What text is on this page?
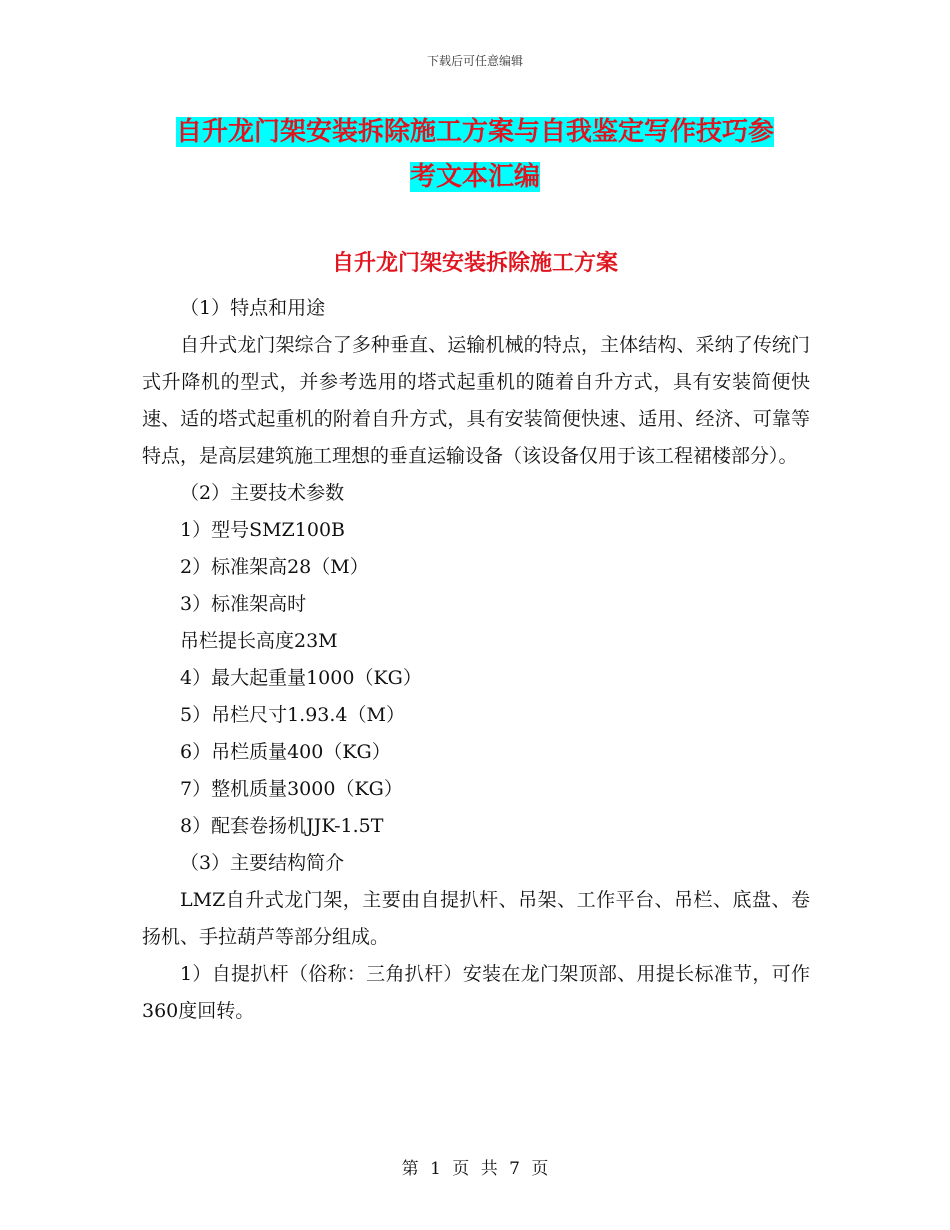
下载后可任意编辑
自升龙门架安装拆除施工方案与自我鉴定写作技巧参
考文本汇编
自升龙门架安装拆除施工方案

（1）特点和用途

自升式龙门架综合了多种垂直、运输机械的特点，主体结构、采纳了传统门式升降机的型式，并参考选用的塔式起重机的随着自升方式，具有安装简便快速、适的塔式起重机的附着自升方式，具有安装简便快速、适用、经济、可靠等特点，是高层建筑施工理想的垂直运输设备（该设备仅用于该工程裙楼部分）。

（2）主要技术参数

1）型号SMZ100B

2）标准架高28（M）

3）标准架高时

吊栏提长高度23M

4）最大起重量1000（KG）

5）吊栏尺寸1.93.4（M）

6）吊栏质量400（KG）

7）整机质量3000（KG）

8）配套卷扬机JJK-1.5T

（3）主要结构简介

LMZ自升式龙门架，主要由自提扒杆、吊架、工作平台、吊栏、底盘、卷扬机、手拉葫芦等部分组成。

1）自提扒杆（俗称：三角扒杆）安装在龙门架顶部、用提长标准节，可作360度回转。

第 1 页 共 7 页
